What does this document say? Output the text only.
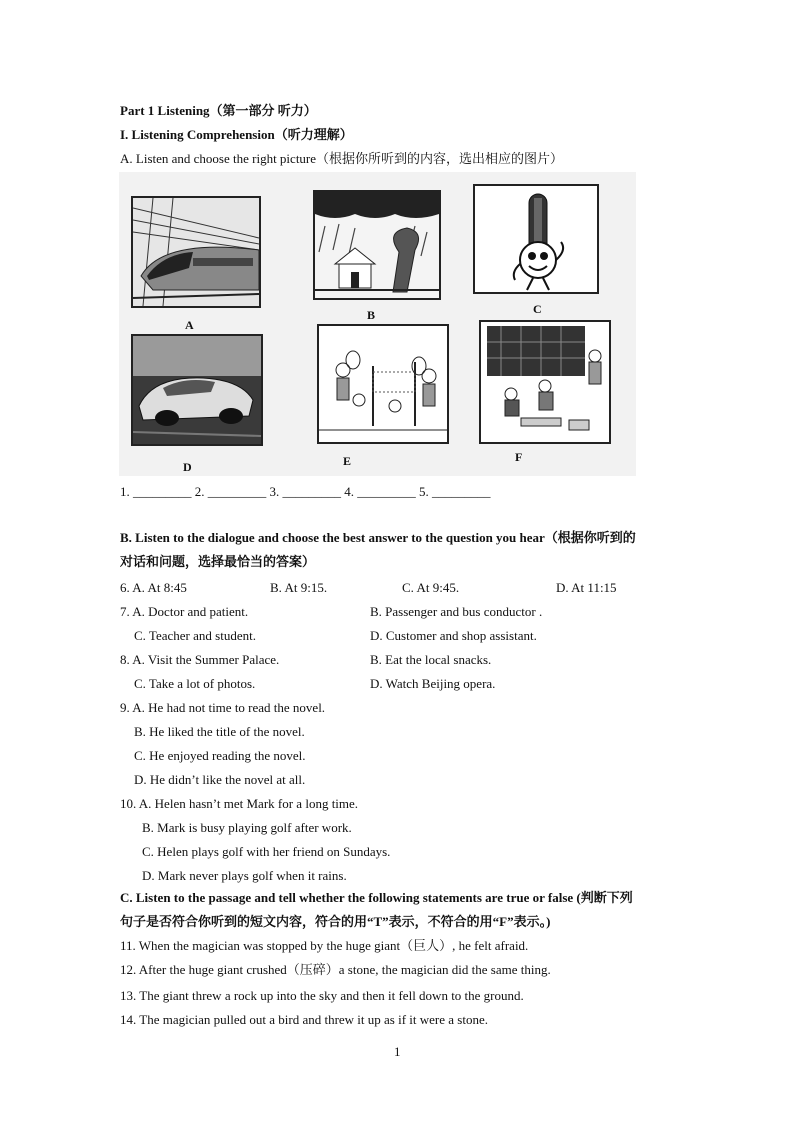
Part 1 Listening（第一部分 听力）
I. Listening Comprehension（听力理解）
A. Listen and choose the right picture（根据你所听到的内容，选出相应的图片）
A
B	C
D	E	F
1. _________ 2. _________ 3. _________ 4. _________ 5. _________
B. Listen to the dialogue and choose the best answer to the question you hear（根据你听到的
对话和问题，选择最恰当的答案）
6. A. At 8:45	B. At 9:15.	C. At 9:45.	D. At 11:15
7. A. Doctor and patient.	B. Passenger and bus conductor .
C. Teacher and student.	D. Customer and shop assistant.
8. A. Visit the Summer Palace.	B. Eat the local snacks.
C. Take a lot of photos.	D. Watch Beijing opera.
9. A. He had not time to read the novel.
B. He liked the title of the novel.
C. He enjoyed reading the novel.
D. He didn’t like the novel at all.
10. A. Helen hasn’t met Mark for a long time.
B. Mark is busy playing golf after work.
C. Helen plays golf with her friend on Sundays.
D. Mark never plays golf when it rains.
C. Listen to the passage and tell whether the following statements are true or false (判断下列
句子是否符合你听到的短文内容，符合的用“T”表示，不符合的用“F”表示。)
11. When the magician was stopped by the huge giant（巨人）, he felt afraid.
12. After the huge giant crushed（压碎）a stone, the magician did the same thing.
13. The giant threw a rock up into the sky and then it fell down to the ground.
14. The magician pulled out a bird and threw it up as if it were a stone.
1
